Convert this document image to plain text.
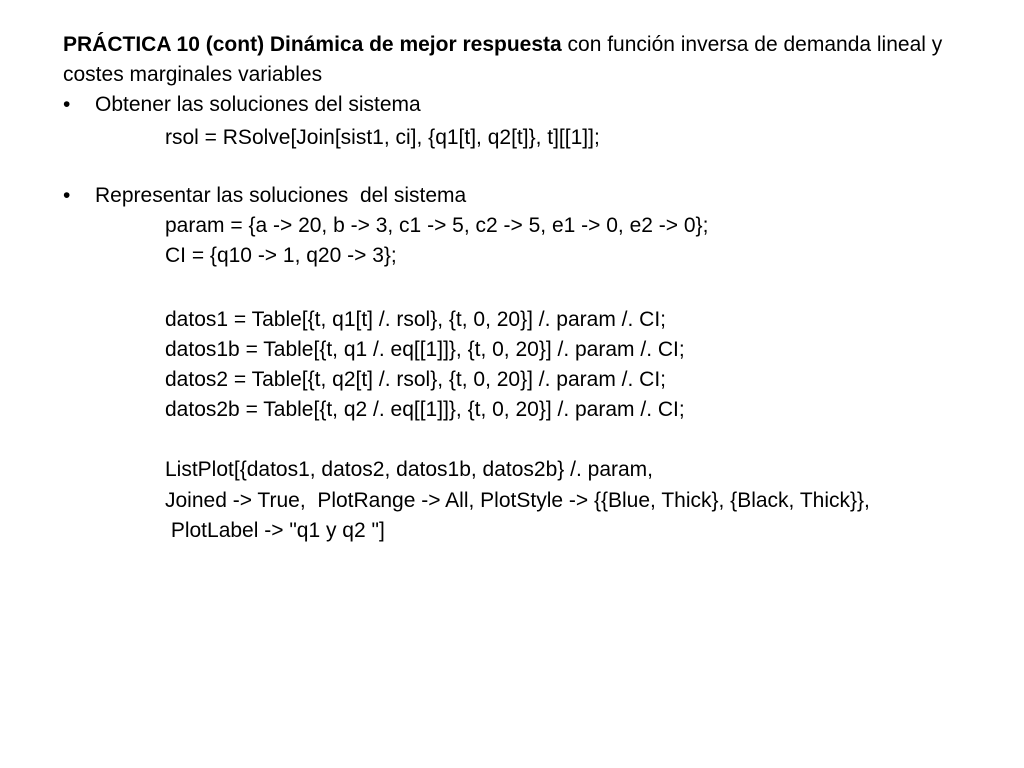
PRÁCTICA 10 (cont) Dinámica de mejor respuesta con función inversa de demanda lineal y costes marginales variables

•

Obtener las soluciones del sistema

rsol = RSolve[Join[sist1, ci], {q1[t], q2[t]}, t][[1]];

•

Representar las soluciones  del sistema

param = {a -> 20, b -> 3, c1 -> 5, c2 -> 5, e1 -> 0, e2 -> 0};
CI = {q10 -> 1, q20 -> 3};
datos1 = Table[{t, q1[t] /. rsol}, {t, 0, 20}] /. param /. CI;
datos1b = Table[{t, q1 /. eq[[1]]}, {t, 0, 20}] /. param /. CI;
datos2 = Table[{t, q2[t] /. rsol}, {t, 0, 20}] /. param /. CI;
datos2b = Table[{t, q2 /. eq[[1]]}, {t, 0, 20}] /. param /. CI;
ListPlot[{datos1, datos2, datos1b, datos2b} /. param,
Joined -> True,  PlotRange -> All, PlotStyle -> {{Blue, Thick}, {Black, Thick}},
PlotLabel -> "q1 y q2 "]
